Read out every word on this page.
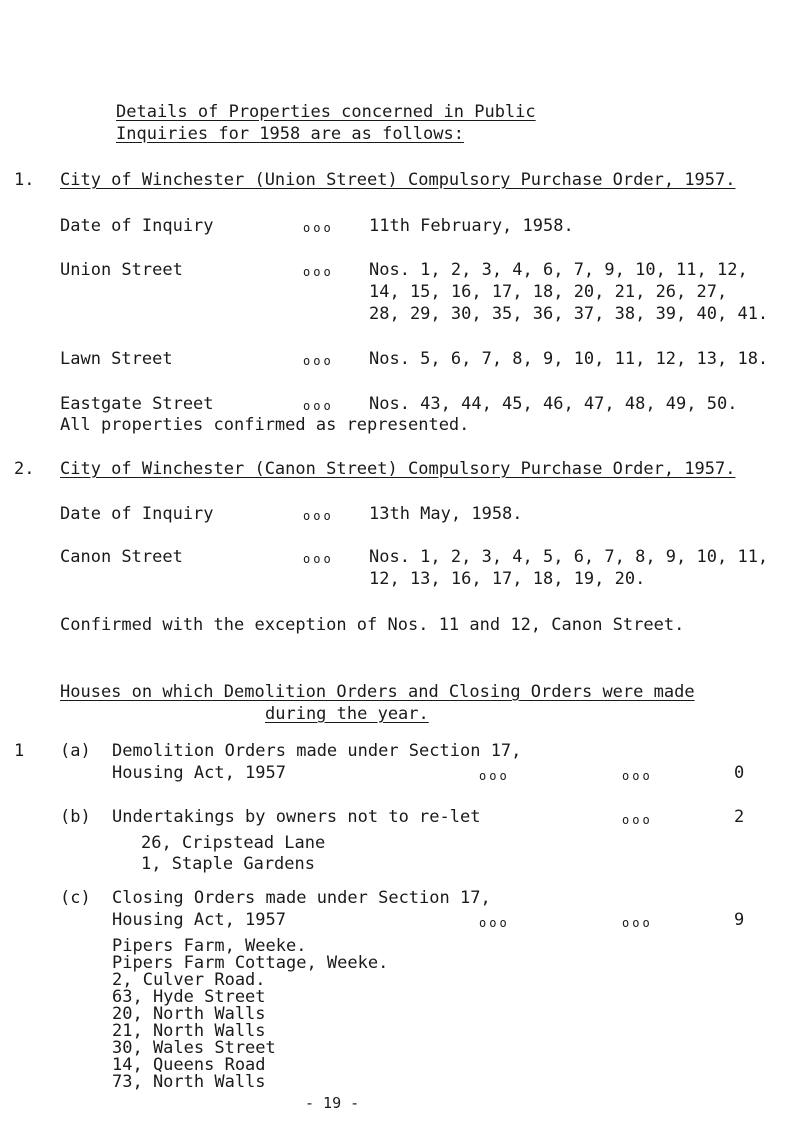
Details of Properties concerned in Public
Inquiries for 1958 are as follows:
1. City of Winchester (Union Street) Compulsory Purchase Order, 1957.
Date of Inquiry	ooo 11th February, 1958.
Union Street	ooo Nos. 1, 2, 3, 4, 6, 7, 9, 10, 11, 12,
14, 15, 16, 17, 18, 20, 21, 26, 27,
28, 29, 30, 35, 36, 37, 38, 39, 40, 41.
Lawn Street	ooo Nos. 5, 6, 7, 8, 9, 10, 11, 12, 13, 18.
Eastgate Street	ooo Nos. 43, 44, 45, 46, 47, 48, 49, 50.
All properties confirmed as represented.
2. City of Winchester (Canon Street) Compulsory Purchase Order, 1957.
Date of Inquiry	ooo 13th May, 1958.
Canon Street	ooo Nos. 1, 2, 3, 4, 5, 6, 7, 8, 9, 10, 11,
12, 13, 16, 17, 18, 19, 20.
Confirmed with the exception of Nos. 11 and 12, Canon Street.
Houses on which Demolition Orders and Closing Orders were made
during the year.
1 (a) Demolition Orders made under Section 17,
Housing Act, 1957	ooo	ooo	0
(b) Undertakings by owners not to re-let	ooo	2
26, Cripstead Lane
1, Staple Gardens
(c) Closing Orders made under Section 17,
Housing Act, 1957	ooo	ooo	9
Pipers Farm, Weeke.
Pipers Farm Cottage, Weeke.
2, Culver Road.
63, Hyde Street
20, North Walls
21, North Walls
30, Wales Street
14, Queens Road
73, North Walls
- 19 -
